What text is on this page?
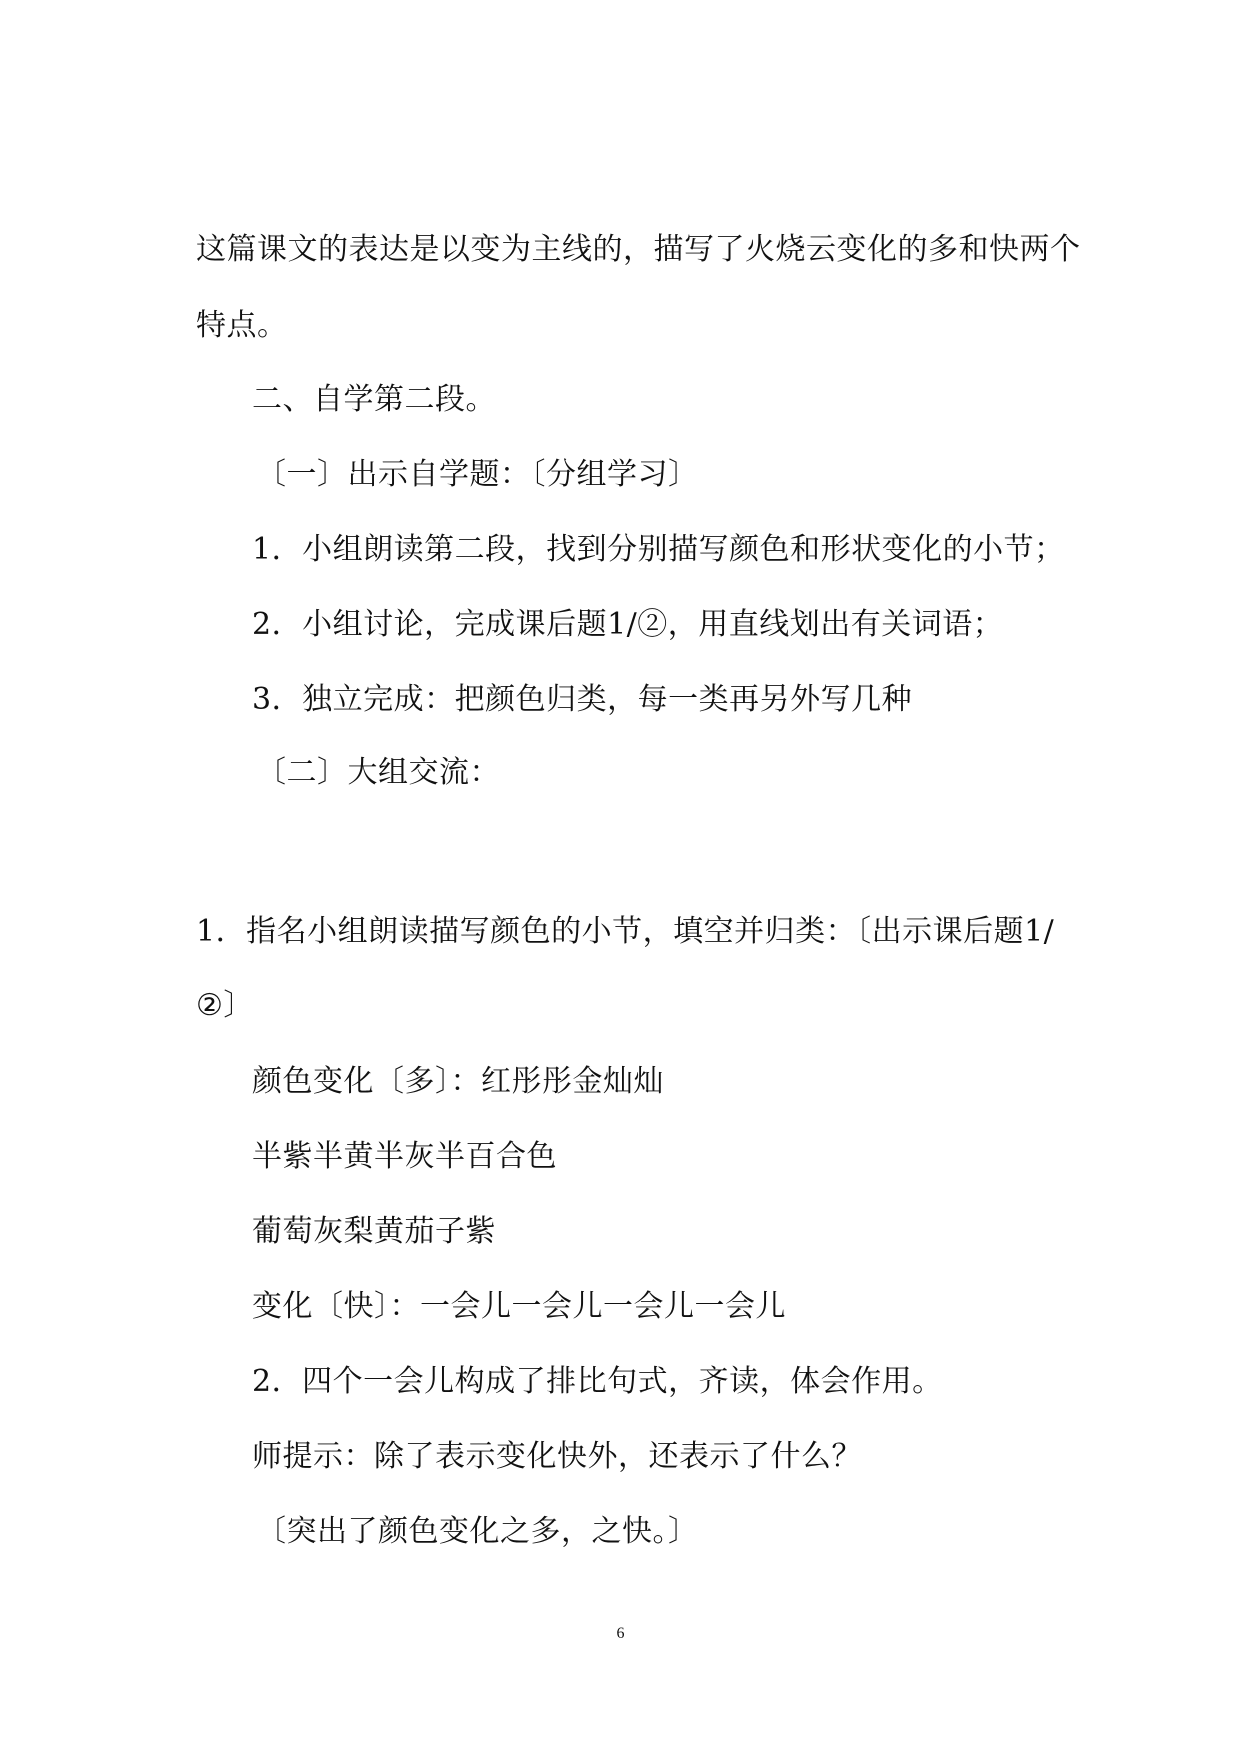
这篇课文的表达是以变为主线的，描写了火烧云变化的多和快两个
特点。
二、自学第二段。
〔一〕出示自学题：〔分组学习〕
1．小组朗读第二段，找到分别描写颜色和形状变化的小节；
2．小组讨论，完成课后题1/②，用直线划出有关词语；
3．独立完成：把颜色归类，每一类再另外写几种
〔二〕大组交流：
1．指名小组朗读描写颜色的小节，填空并归类：〔出示课后题1/
②〕
颜色变化〔多〕：红彤彤金灿灿
半紫半黄半灰半百合色
葡萄灰梨黄茄子紫
变化〔快〕：一会儿一会儿一会儿一会儿
2．四个一会儿构成了排比句式，齐读，体会作用。
师提示：除了表示变化快外，还表示了什么？
〔突出了颜色变化之多，之快。〕
6
